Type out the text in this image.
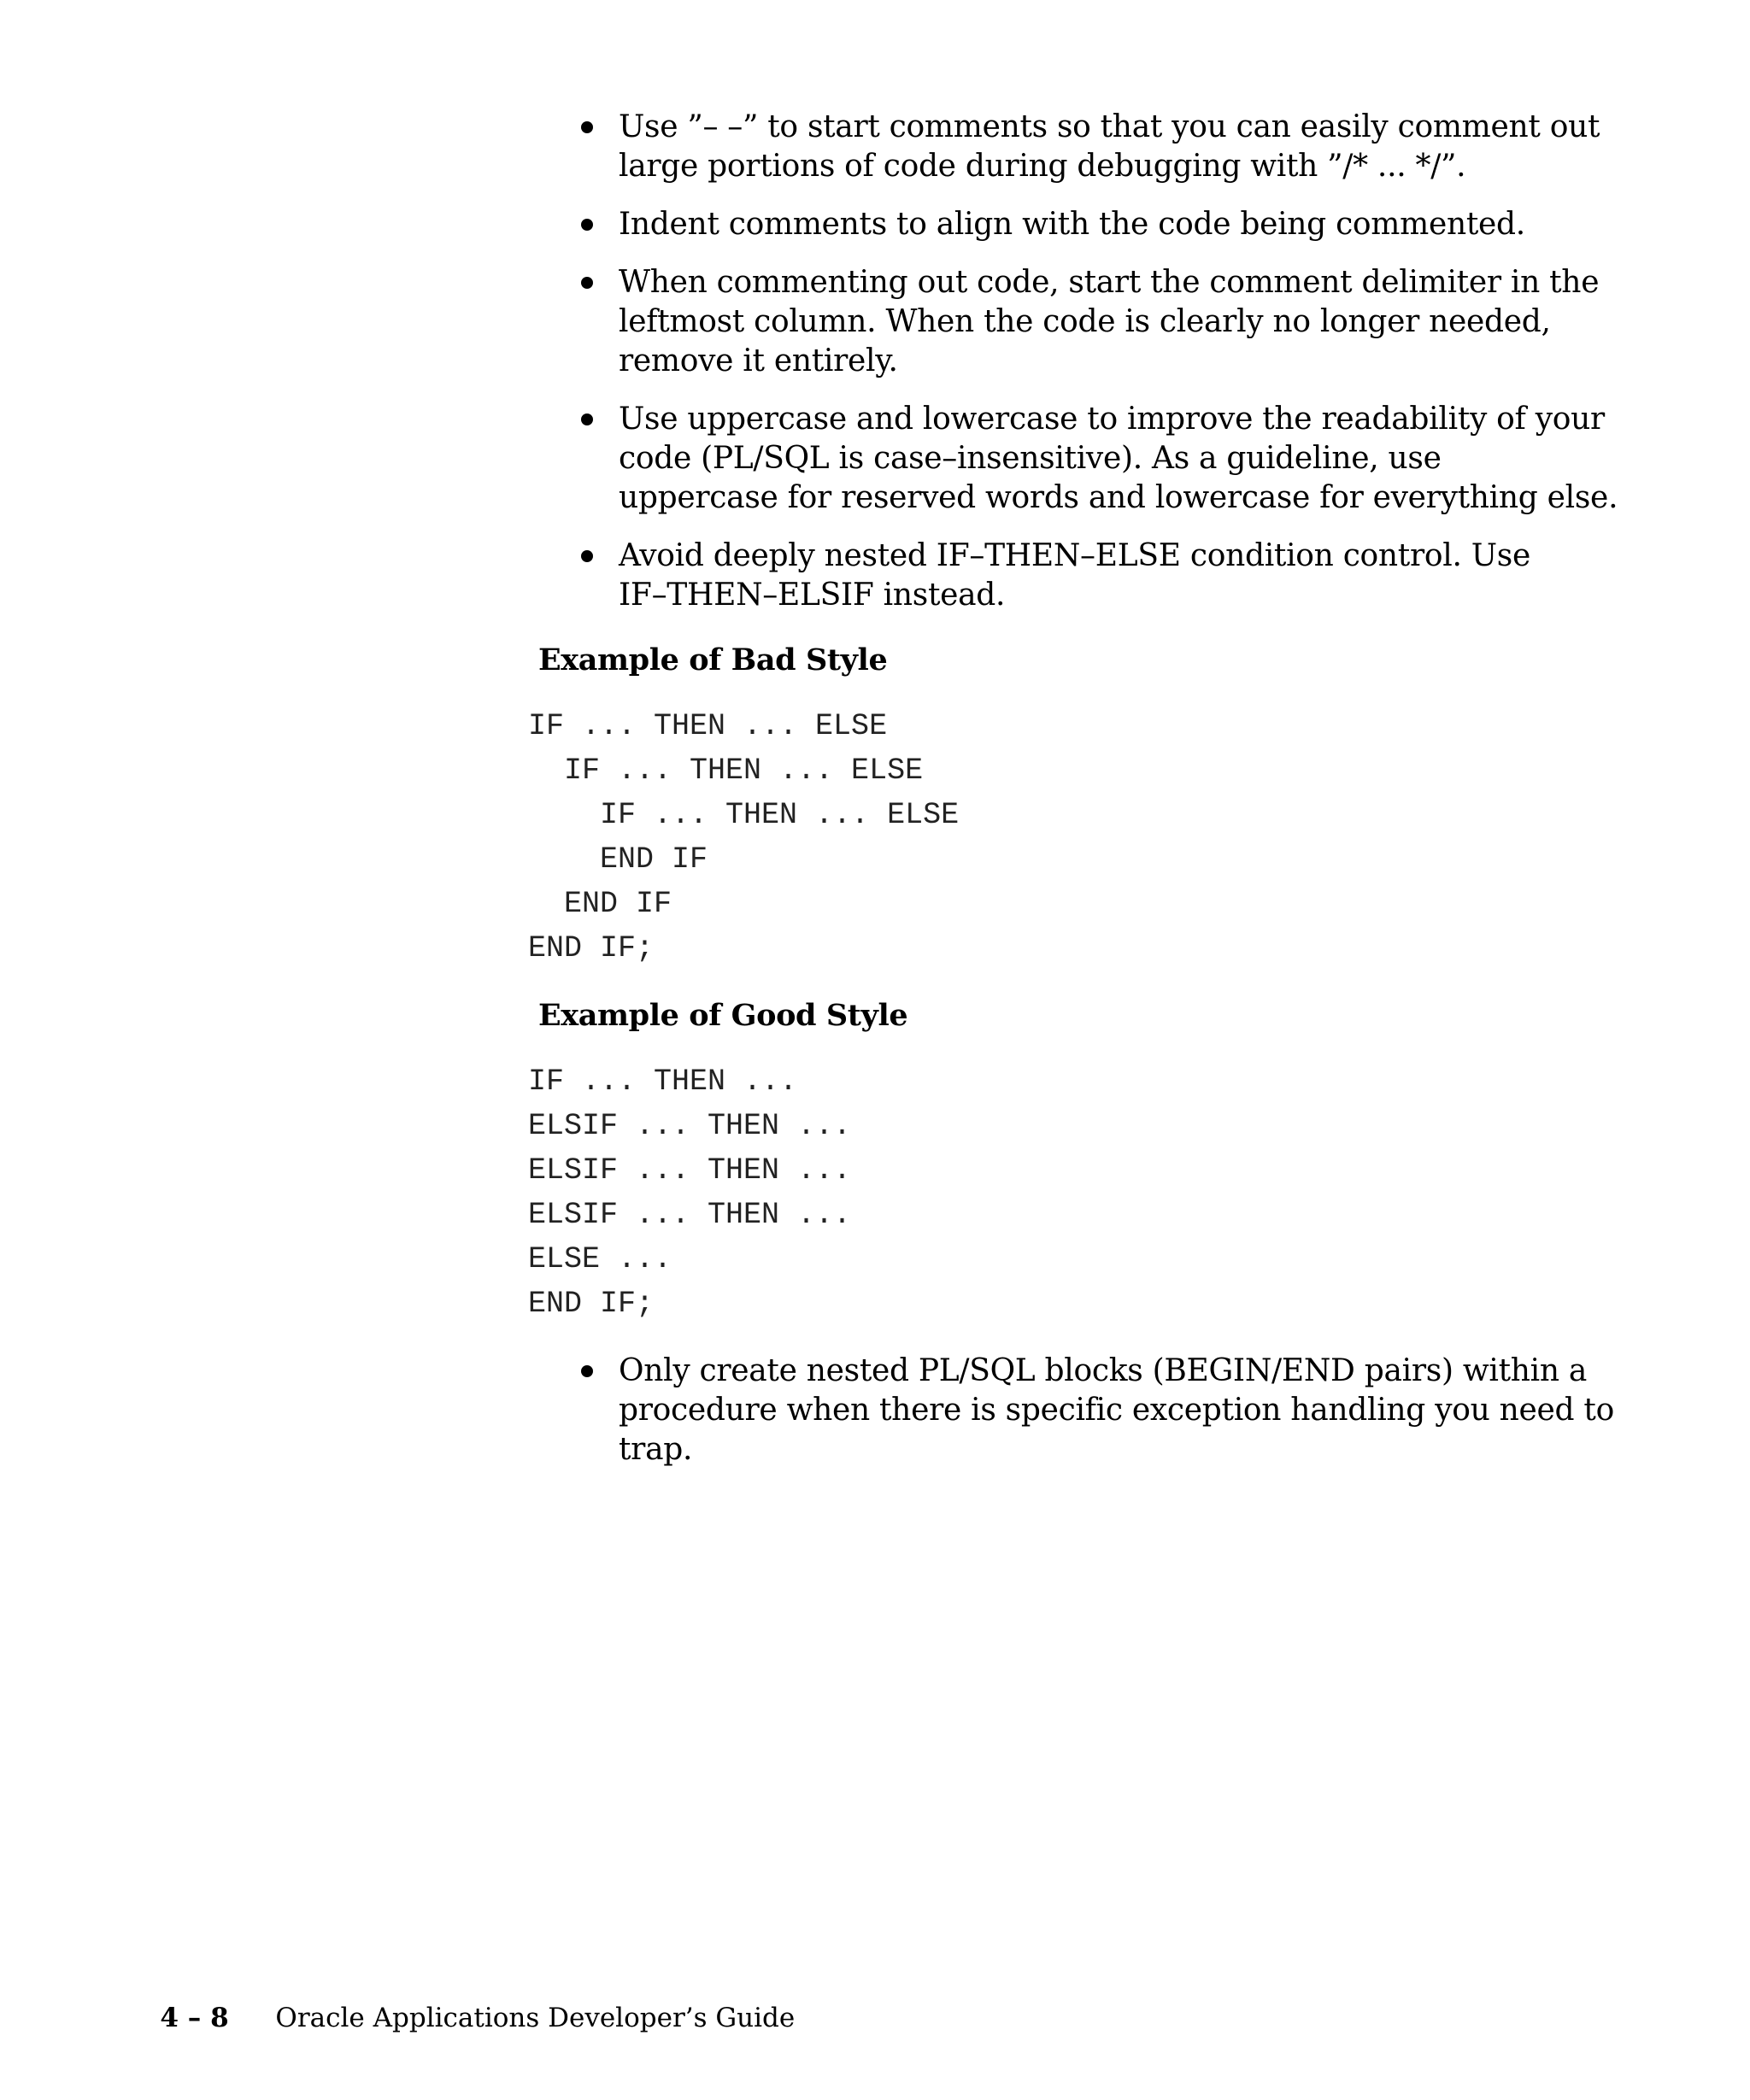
Use ”– –” to start comments so that you can easily comment out
large portions of code during debugging with ”/* ... */”.
Indent comments to align with the code being commented.
When commenting out code, start the comment delimiter in the
leftmost column. When the code is clearly no longer needed,
remove it entirely.
Use uppercase and lowercase to improve the readability of your
code (PL/SQL is case–insensitive). As a guideline, use
uppercase for reserved words and lowercase for everything else.
Avoid deeply nested IF–THEN–ELSE condition control. Use
IF–THEN–ELSIF instead.
Example of Bad Style
IF ... THEN ... ELSE
IF ... THEN ... ELSE
IF ... THEN ... ELSE
END IF
END IF
END IF;
Example of Good Style
IF ... THEN ...
ELSIF ... THEN ...
ELSIF ... THEN ...
ELSIF ... THEN ...
ELSE ...
END IF;
Only create nested PL/SQL blocks (BEGIN/END pairs) within a
procedure when there is specific exception handling you need to
trap.

4 – 8 Oracle Applications Developer’s Guide
